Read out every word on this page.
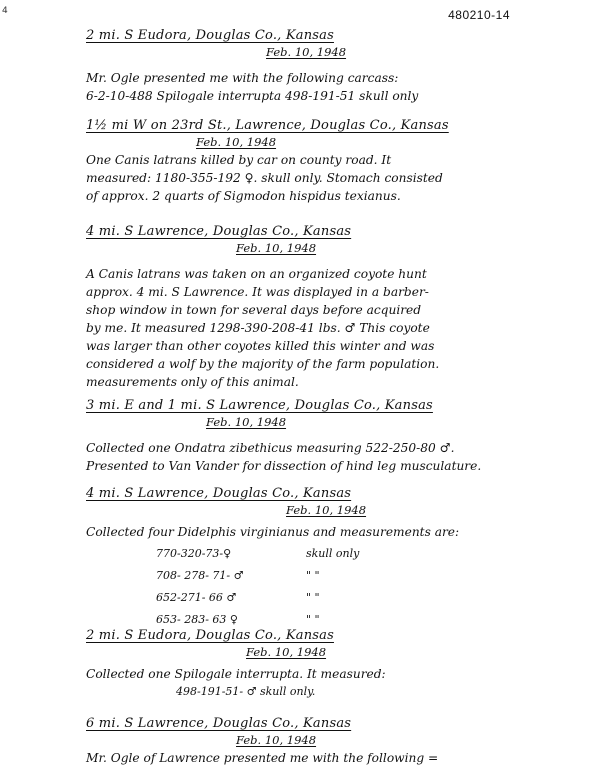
4	480210-14
2 mi. S Eudora, Douglas Co., Kansas
Feb. 10, 1948
Mr. Ogle presented me with the following carcass:
6-2-10-488 Spilogale interrupta 498-191-51 skull only
1½ mi W on 23rd St., Lawrence, Douglas Co., Kansas
Feb. 10, 1948
One Canis latrans killed by car on county road. It
measured: 1180-355-192 ♀. skull only. Stomach consisted
of approx. 2 quarts of Sigmodon hispidus texianus.
4 mi. S Lawrence, Douglas Co., Kansas
Feb. 10, 1948
A Canis latrans was taken on an organized coyote hunt
approx. 4 mi. S Lawrence. It was displayed in a barber-
shop window in town for several days before acquired
by me. It measured 1298-390-208-41 lbs. ♂ This coyote
was larger than other coyotes killed this winter and was
considered a wolf by the majority of the farm population.
measurements only of this animal.
3 mi. E and 1 mi. S Lawrence, Douglas Co., Kansas
Feb. 10, 1948
Collected one Ondatra zibethicus measuring 522-250-80 ♂.
Presented to Van Vander for dissection of hind leg musculature.
4 mi. S Lawrence, Douglas Co., Kansas
Feb. 10, 1948
Collected four Didelphis virginianus and measurements are:
770-320-73-♀	skull only
708- 278- 71- ♂	" "
652-271- 66 ♂	" "
653- 283- 63 ♀	" "
2 mi. S Eudora, Douglas Co., Kansas
Feb. 10, 1948
Collected one Spilogale interrupta. It measured:
498-191-51- ♂ skull only.
6 mi. S Lawrence, Douglas Co., Kansas
Feb. 10, 1948
Mr. Ogle of Lawrence presented me with the following =
